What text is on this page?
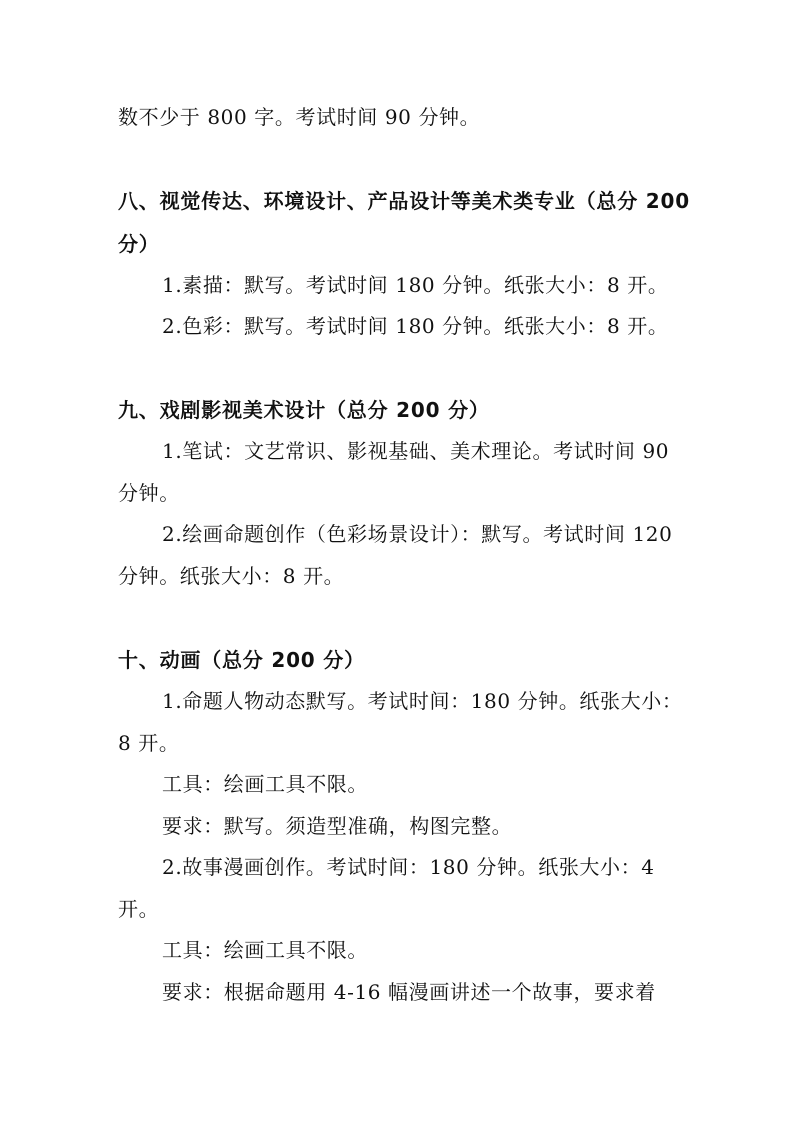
数不少于 800 字。考试时间 90 分钟。
八、视觉传达、环境设计、产品设计等美术类专业（总分 200
分）
1.素描：默写。考试时间 180 分钟。纸张大小：8 开。
2.色彩：默写。考试时间 180 分钟。纸张大小：8 开。
九、戏剧影视美术设计（总分 200 分）
1.笔试：文艺常识、影视基础、美术理论。考试时间 90
分钟。
2.绘画命题创作（色彩场景设计）：默写。考试时间 120
分钟。纸张大小：8 开。
十、动画（总分 200 分）
1.命题人物动态默写。考试时间：180 分钟。纸张大小：
8 开。
工具：绘画工具不限。
要求：默写。须造型准确，构图完整。
2.故事漫画创作。考试时间：180 分钟。纸张大小：4
开。
工具：绘画工具不限。
要求：根据命题用 4-16 幅漫画讲述一个故事，要求着
